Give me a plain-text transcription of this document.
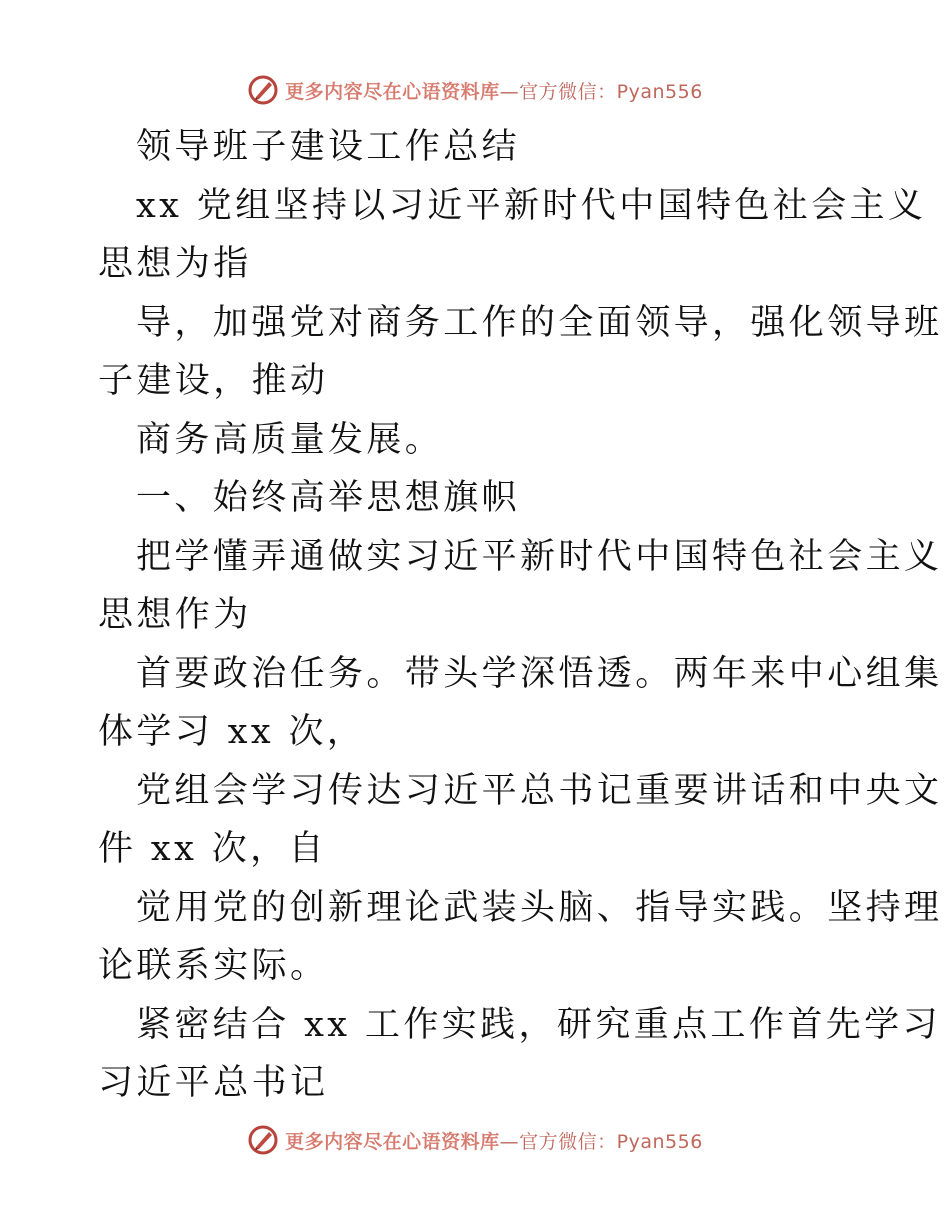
更多内容尽在心语资料库—官方微信：Pyan556
领导班子建设工作总结
xx 党组坚持以习近平新时代中国特色社会主义
思想为指
导，加强党对商务工作的全面领导，强化领导班
子建设，推动
商务高质量发展。
一、始终高举思想旗帜
把学懂弄通做实习近平新时代中国特色社会主义
思想作为
首要政治任务。带头学深悟透。两年来中心组集
体学习 xx 次，
党组会学习传达习近平总书记重要讲话和中央文
件 xx 次，自
觉用党的创新理论武装头脑、指导实践。坚持理
论联系实际。
紧密结合 xx 工作实践，研究重点工作首先学习
习近平总书记
更多内容尽在心语资料库—官方微信：Pyan556
